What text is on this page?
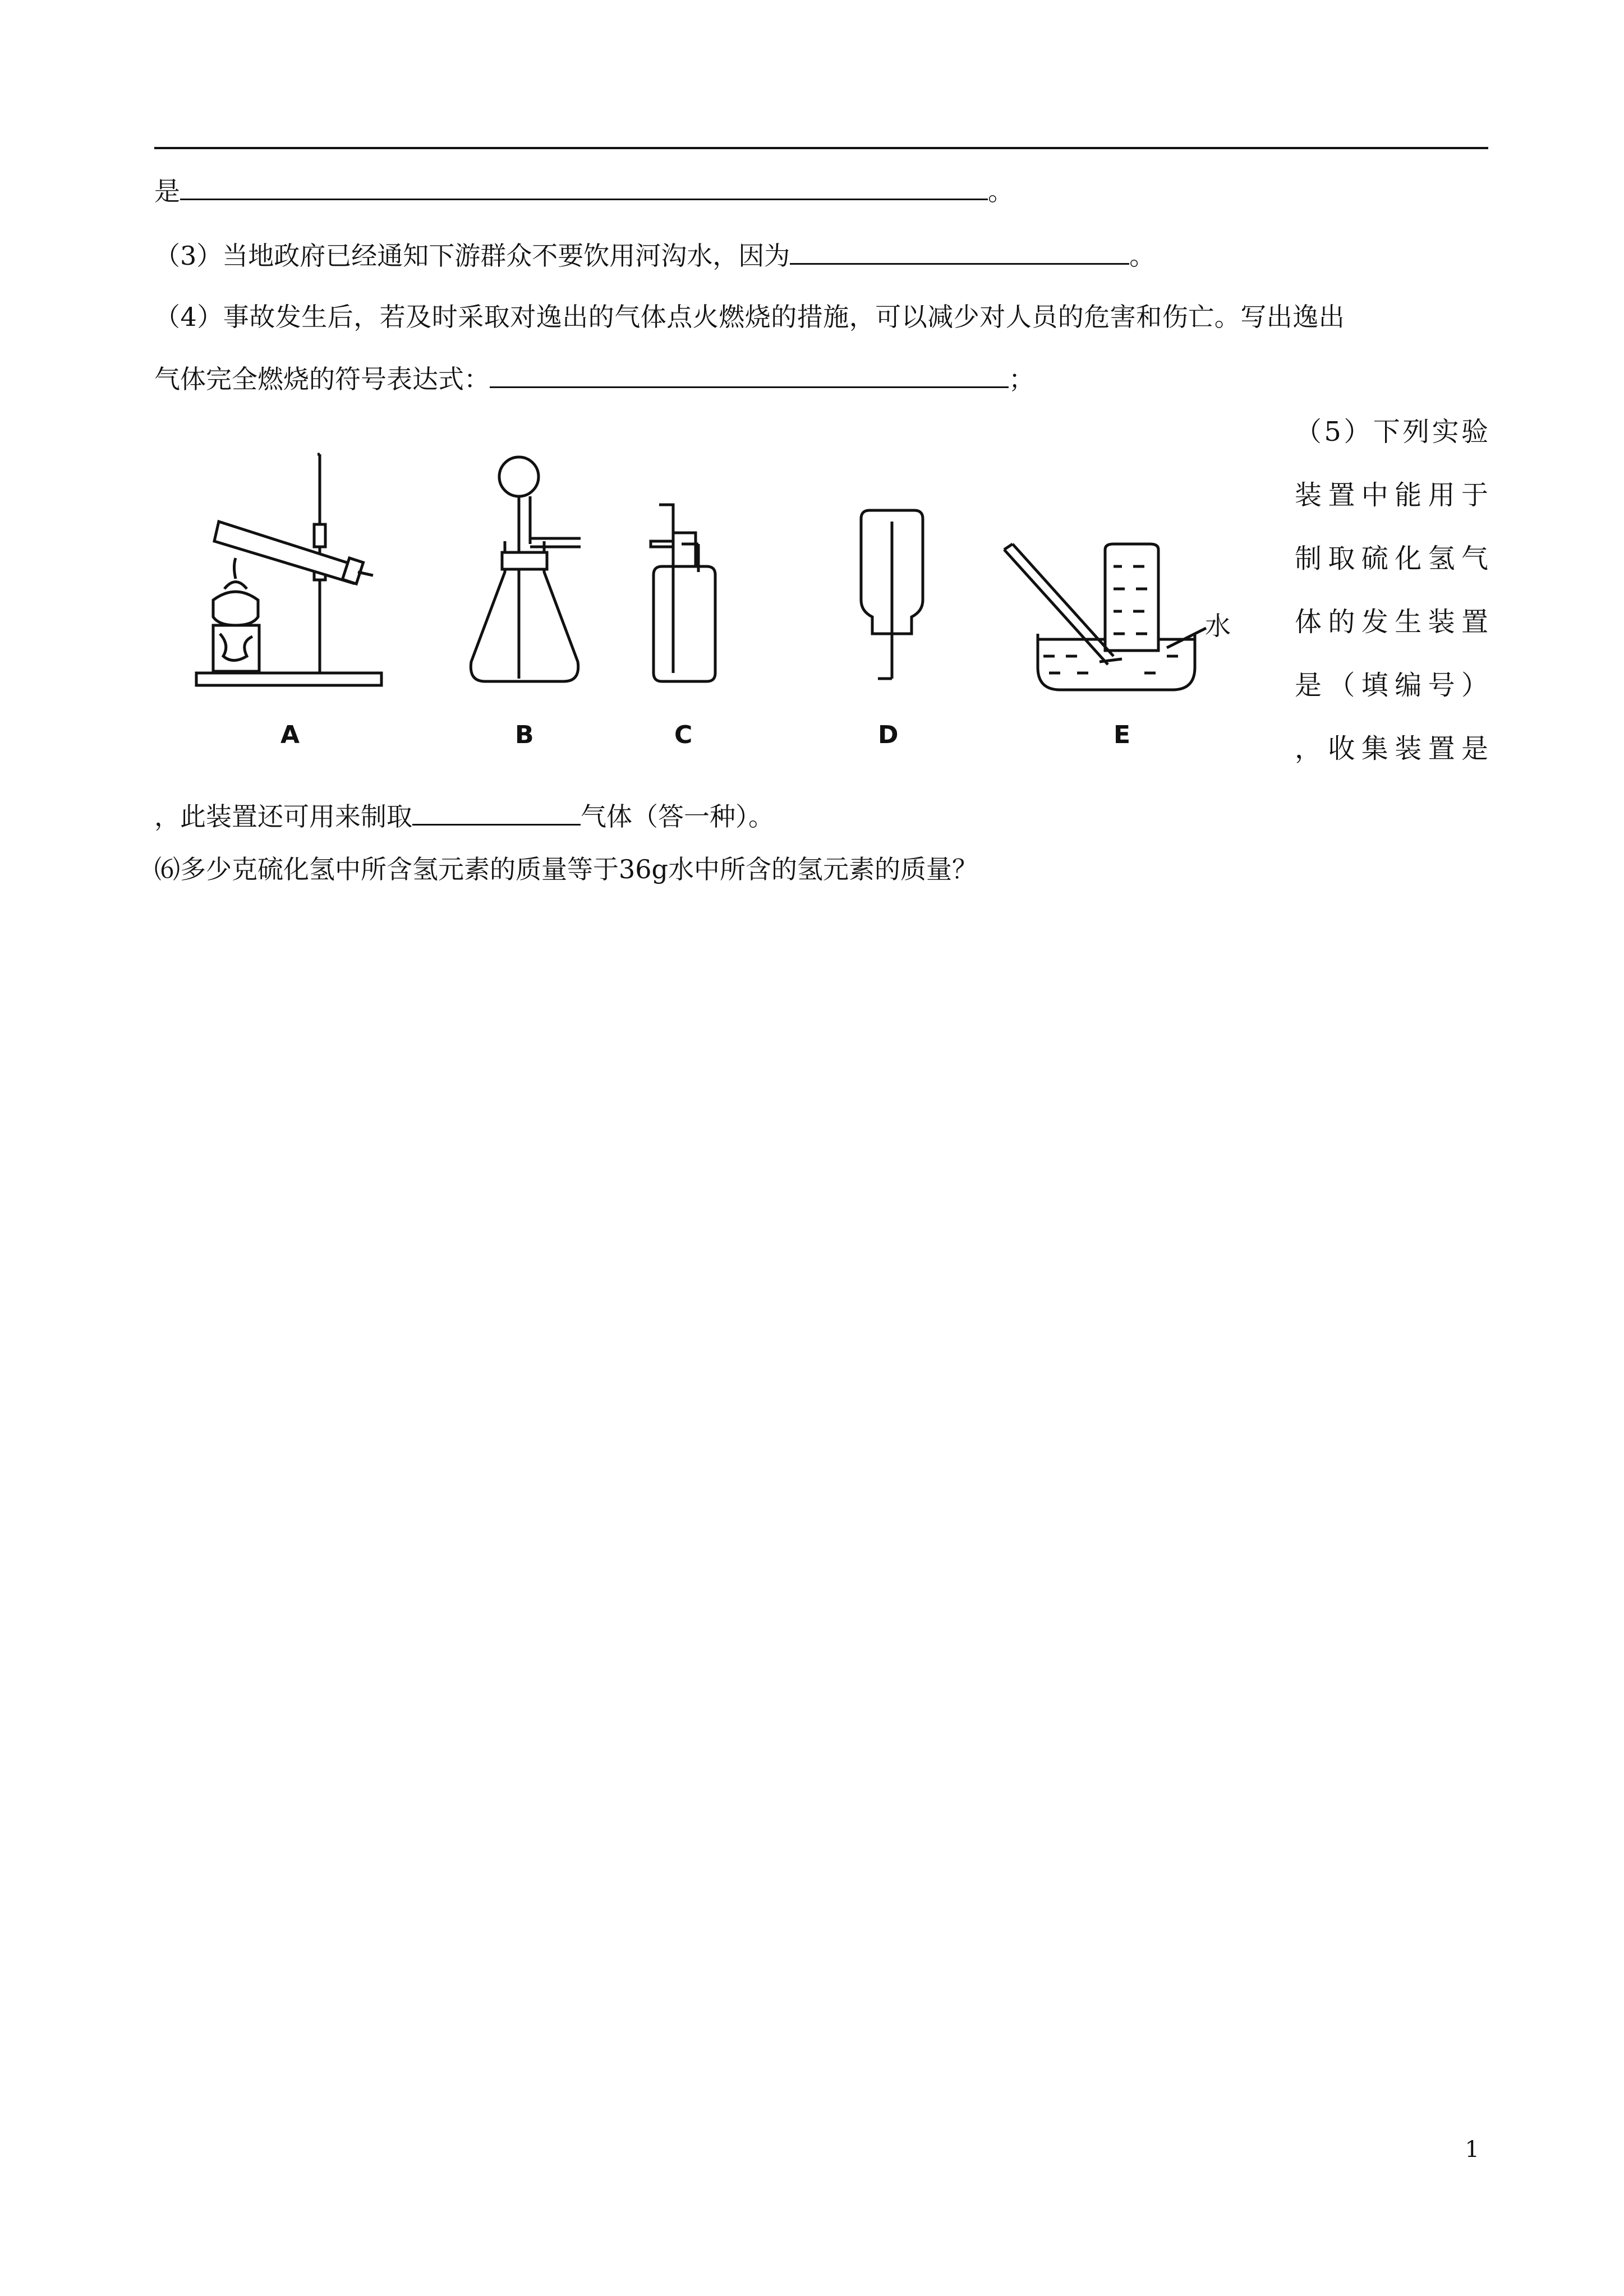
是	。
（3）当地政府已经通知下游群众不要饮用河沟水，因为	。
（4）事故发生后，若及时采取对逸出的气体点火燃烧的措施，可以减少对人员的危害和伤亡。写出逸出
气体完全燃烧的符号表达式：	；
（5）下列实验
装置中能用于
制取硫化氢气
体的发生装置
是（填编号）
，收集装置是
A	B	C	D
水
E
，此装置还可用来制取	气体（答一种）。
⑹多少克硫化氢中所含氢元素的质量等于36g水中所含的氢元素的质量？
1
